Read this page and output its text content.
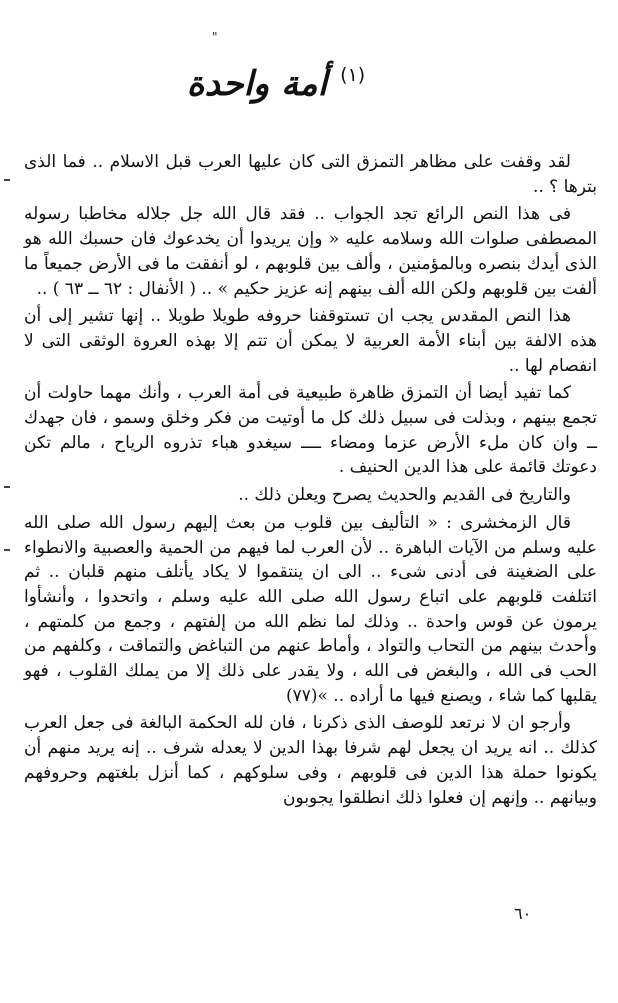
"
(١) أمة واحدة

لقد وقفت على مظاهر التمزق التى كان عليها العرب قبل الاسلام .. فما الذى بترها ؟ ..

فى هذا النص الرائع تجد الجواب .. فقد قال الله جل جلاله مخاطبا رسوله المصطفى صلوات الله وسلامه عليه « وإن يريدوا أن يخدعوك فان حسبك الله هو الذى أيدك بنصره وبالمؤمنين ، وألف بين قلوبهم ، لو أنفقت ما فى الأرض جميعاً ما ألفت بين قلوبهم ولكن الله ألف بينهم إنه عزيز حكيم » .. ( الأنفال : ٦٢ ــ ٦٣ ) ..

هذا النص المقدس يجب ان تستوقفنا حروفه طويلا طويلا .. إنها تشير إلى أن هذه الالفة بين أبناء الأمة العربية لا يمكن أن تتم إلا بهذه العروة الوثقى التى لا انفصام لها ..

كما تفيد أيضا أن التمزق ظاهرة طبيعية فى أمة العرب ، وأنك مهما حاولت أن تجمع بينهم ، وبذلت فى سبيل ذلك كل ما أوتيت من فكر وخلق وسمو ، فان جهدك ــ وان كان ملء الأرض عزما ومضاء ــــ سيغدو هباء تذروه الرياح ، مالم تكن دعوتك قائمة على هذا الدين الحنيف .

والتاريخ فى القديم والحديث يصرح ويعلن ذلك ..

قال الزمخشرى : « التأليف بين قلوب من بعث إليهم رسول الله صلى الله عليه وسلم من الآيات الباهرة .. لأن العرب لما فيهم من الحمية والعصبية والانطواء على الضغينة فى أدنى شىء .. الى ان ينتقموا لا يكاد يأتلف منهم قلبان .. ثم ائتلفت قلوبهم على اتباع رسول الله صلى الله عليه وسلم ، واتحدوا ، وأنشأوا يرمون عن قوس واحدة .. وذلك لما نظم الله من إلفتهم ، وجمع من كلمتهم ، وأحدث بينهم من التحاب والتواد ، وأماط عنهم من التباغض والتماقت ، وكلفهم من الحب فى الله ، والبغض فى الله ، ولا يقدر على ذلك إلا من يملك القلوب ، فهو يقلبها كما شاء ، ويصنع فيها ما أراده .. »(٧٧)

وأرجو ان لا نرتعد للوصف الذى ذكرنا ، فان لله الحكمة البالغة فى جعل العرب كذلك .. انه يريد ان يجعل لهم شرفا بهذا الدين لا يعدله شرف .. إنه يريد منهم أن يكونوا حملة هذا الدين فى قلوبهم ، وفى سلوكهم ، كما أنزل بلغتهم وحروفهم وبيانهم .. وإنهم إن فعلوا ذلك انطلقوا يجوبون

٦٠
